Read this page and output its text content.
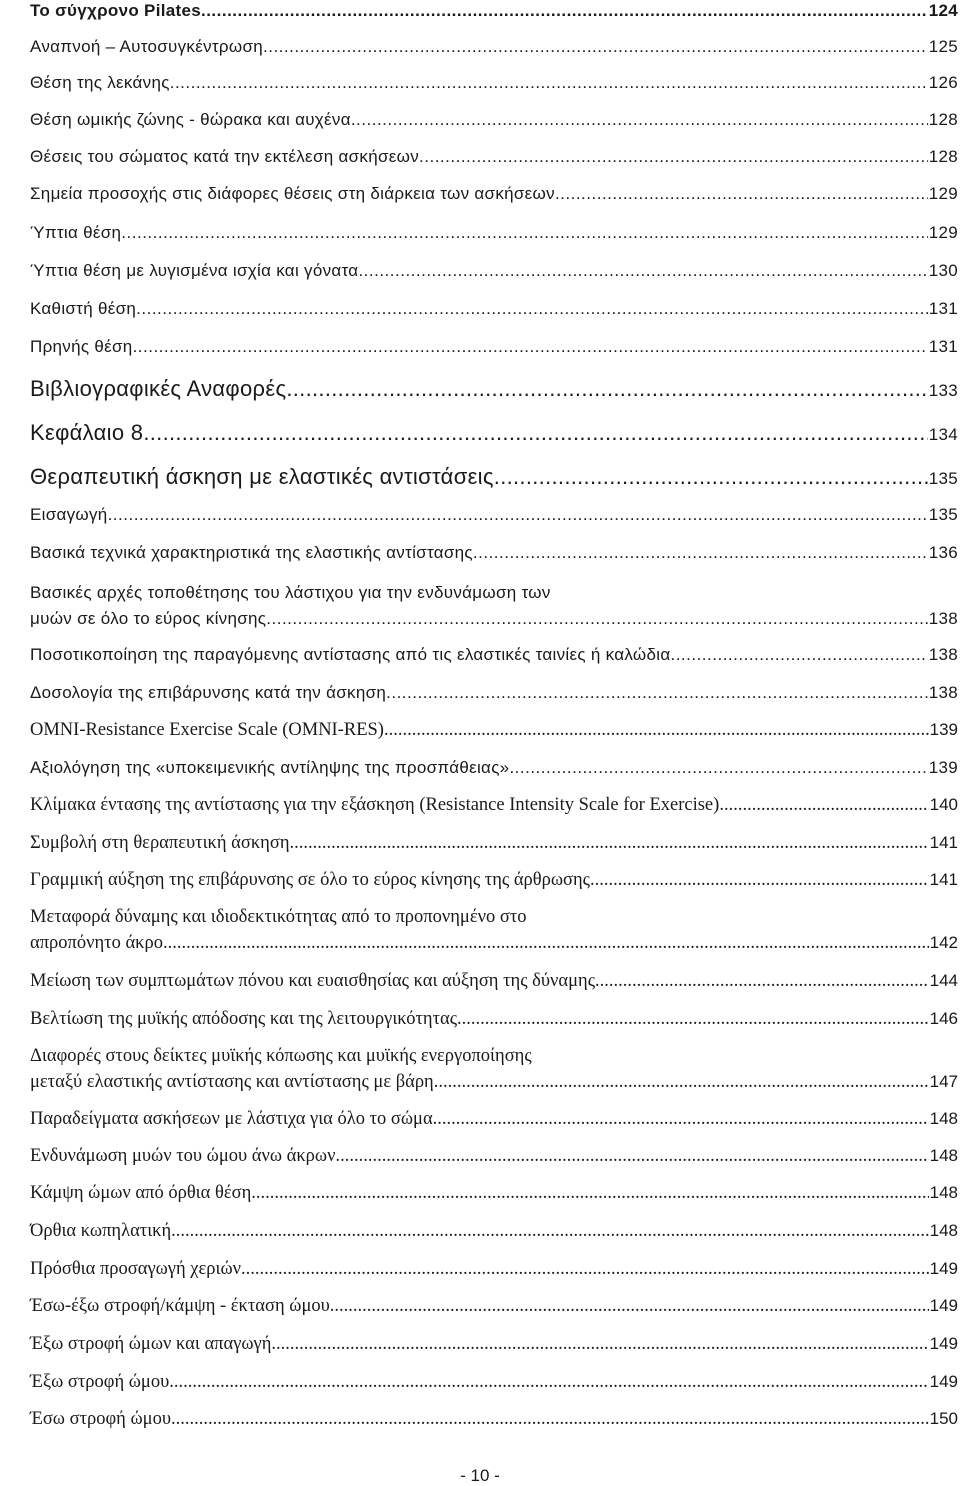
Το σύγχρονο Pilates .....	124
Αναπνοή – Αυτοσυγκέντρωση .....	125
Θέση της λεκάνης .....	126
Θέση ωμικής ζώνης - θώρακα και αυχένα .....	128
Θέσεις του σώματος κατά την εκτέλεση ασκήσεων .....	128
Σημεία προσοχής στις διάφορες θέσεις στη διάρκεια των ασκήσεων .....	129
Ύπτια θέση .....	129
Ύπτια θέση με λυγισμένα ισχία και γόνατα .....	130
Καθιστή θέση .....	131
Πρηνής θέση .....	131
Βιβλιογραφικές Αναφορές .....	133
Κεφάλαιο 8 .....	134
Θεραπευτική άσκηση με ελαστικές αντιστάσεις .....	135
Εισαγωγή .....	135
Βασικά τεχνικά χαρακτηριστικά της ελαστικής αντίστασης .....	136
Βασικές αρχές τοποθέτησης του λάστιχου για την ενδυνάμωση των
μυών σε όλο το εύρος κίνησης .....	138
Ποσοτικοποίηση της παραγόμενης αντίστασης από τις ελαστικές ταινίες ή καλώδια .....	138
Δοσολογία της επιβάρυνσης κατά την άσκηση .....	138
OMNI-Resistance Exercise Scale (OMNI-RES) .....	139
Αξιολόγηση της «υποκειμενικής αντίληψης της προσπάθειας» .....	139
Κλίμακα έντασης της αντίστασης για την εξάσκηση (Resistance Intensity Scale for Exercise) .....	140
Συμβολή στη θεραπευτική άσκηση .....	141
Γραμμική αύξηση της επιβάρυνσης σε όλο το εύρος κίνησης της άρθρωσης .....	141
Μεταφορά δύναμης και ιδιοδεκτικότητας από το προπονημένο στο
απροπόνητο άκρο .....	142
Μείωση των συμπτωμάτων πόνου και ευαισθησίας και αύξηση της δύναμης .....	144
Βελτίωση της μυϊκής απόδοσης και της λειτουργικότητας .....	146
Διαφορές στους δείκτες μυϊκής κόπωσης και μυϊκής ενεργοποίησης
μεταξύ ελαστικής αντίστασης και αντίστασης με βάρη .....	147
Παραδείγματα ασκήσεων με λάστιχα για όλο το σώμα .....	148
Ενδυνάμωση μυών του ώμου άνω άκρων .....	148
Κάμψη ώμων από όρθια θέση .....	148
Όρθια κωπηλατική .....	148
Πρόσθια προσαγωγή χεριών .....	149
Έσω-έξω στροφή/κάμψη - έκταση ώμου .....	149
Έξω στροφή ώμων και απαγωγή .....	149
Έξω στροφή ώμου .....	149
Έσω στροφή ώμου .....	150
- 10 -
